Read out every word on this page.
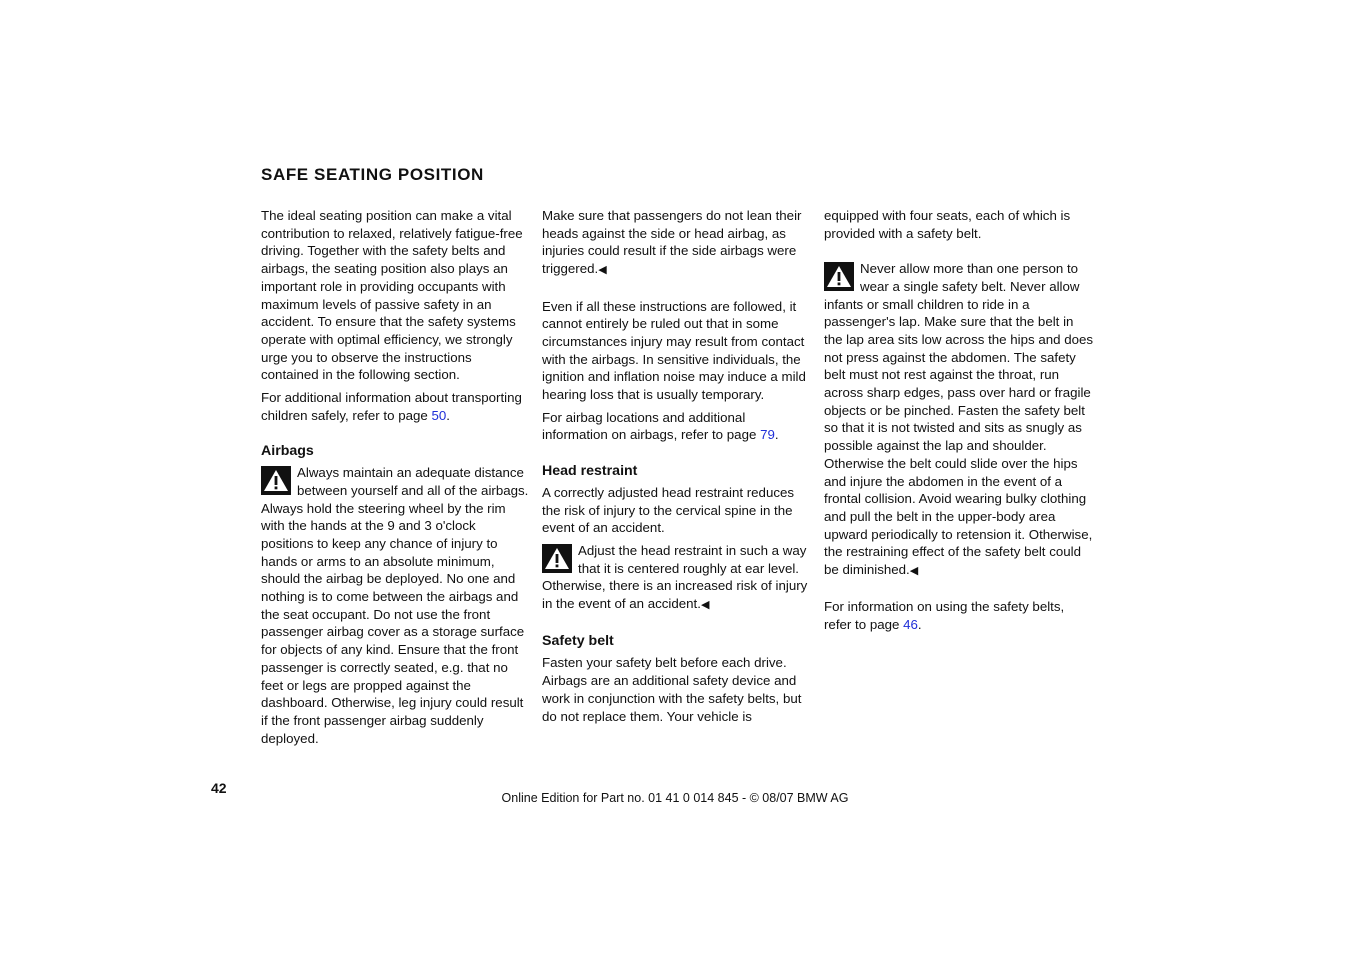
SAFE SEATING POSITION

The ideal seating position can make a vital contribution to relaxed, relatively fatigue-free driving. Together with the safety belts and airbags, the seating position also plays an important role in providing occupants with maximum levels of passive safety in an accident. To ensure that the safety systems operate with optimal efficiency, we strongly urge you to observe the instructions contained in the following section.

For additional information about transporting children safely, refer to page 50.

Airbags

Always maintain an adequate distance between yourself and all of the airbags. Always hold the steering wheel by the rim with the hands at the 9 and 3 o'clock positions to keep any chance of injury to hands or arms to an absolute minimum, should the airbag be deployed. No one and nothing is to come between the airbags and the seat occupant. Do not use the front passenger airbag cover as a storage surface for objects of any kind. Ensure that the front passenger is correctly seated, e.g. that no feet or legs are propped against the dashboard. Otherwise, leg injury could result if the front passenger airbag suddenly deployed.

Make sure that passengers do not lean their heads against the side or head airbag, as injuries could result if the side airbags were triggered.◀

Even if all these instructions are followed, it cannot entirely be ruled out that in some circumstances injury may result from contact with the airbags. In sensitive individuals, the ignition and inflation noise may induce a mild hearing loss that is usually temporary.

For airbag locations and additional information on airbags, refer to page 79.

Head restraint

A correctly adjusted head restraint reduces the risk of injury to the cervical spine in the event of an accident.

Adjust the head restraint in such a way that it is centered roughly at ear level. Otherwise, there is an increased risk of injury in the event of an accident.◀

Safety belt

Fasten your safety belt before each drive. Airbags are an additional safety device and work in conjunction with the safety belts, but do not replace them. Your vehicle is

equipped with four seats, each of which is provided with a safety belt.

Never allow more than one person to wear a single safety belt. Never allow infants or small children to ride in a passenger's lap. Make sure that the belt in the lap area sits low across the hips and does not press against the abdomen. The safety belt must not rest against the throat, run across sharp edges, pass over hard or fragile objects or be pinched. Fasten the safety belt so that it is not twisted and sits as snugly as possible against the lap and shoulder. Otherwise the belt could slide over the hips and injure the abdomen in the event of a frontal collision. Avoid wearing bulky clothing and pull the belt in the upper-body area upward periodically to retension it. Otherwise, the restraining effect of the safety belt could be diminished.◀

For information on using the safety belts, refer to page 46.

42
Online Edition for Part no. 01 41 0 014 845 - © 08/07 BMW AG
